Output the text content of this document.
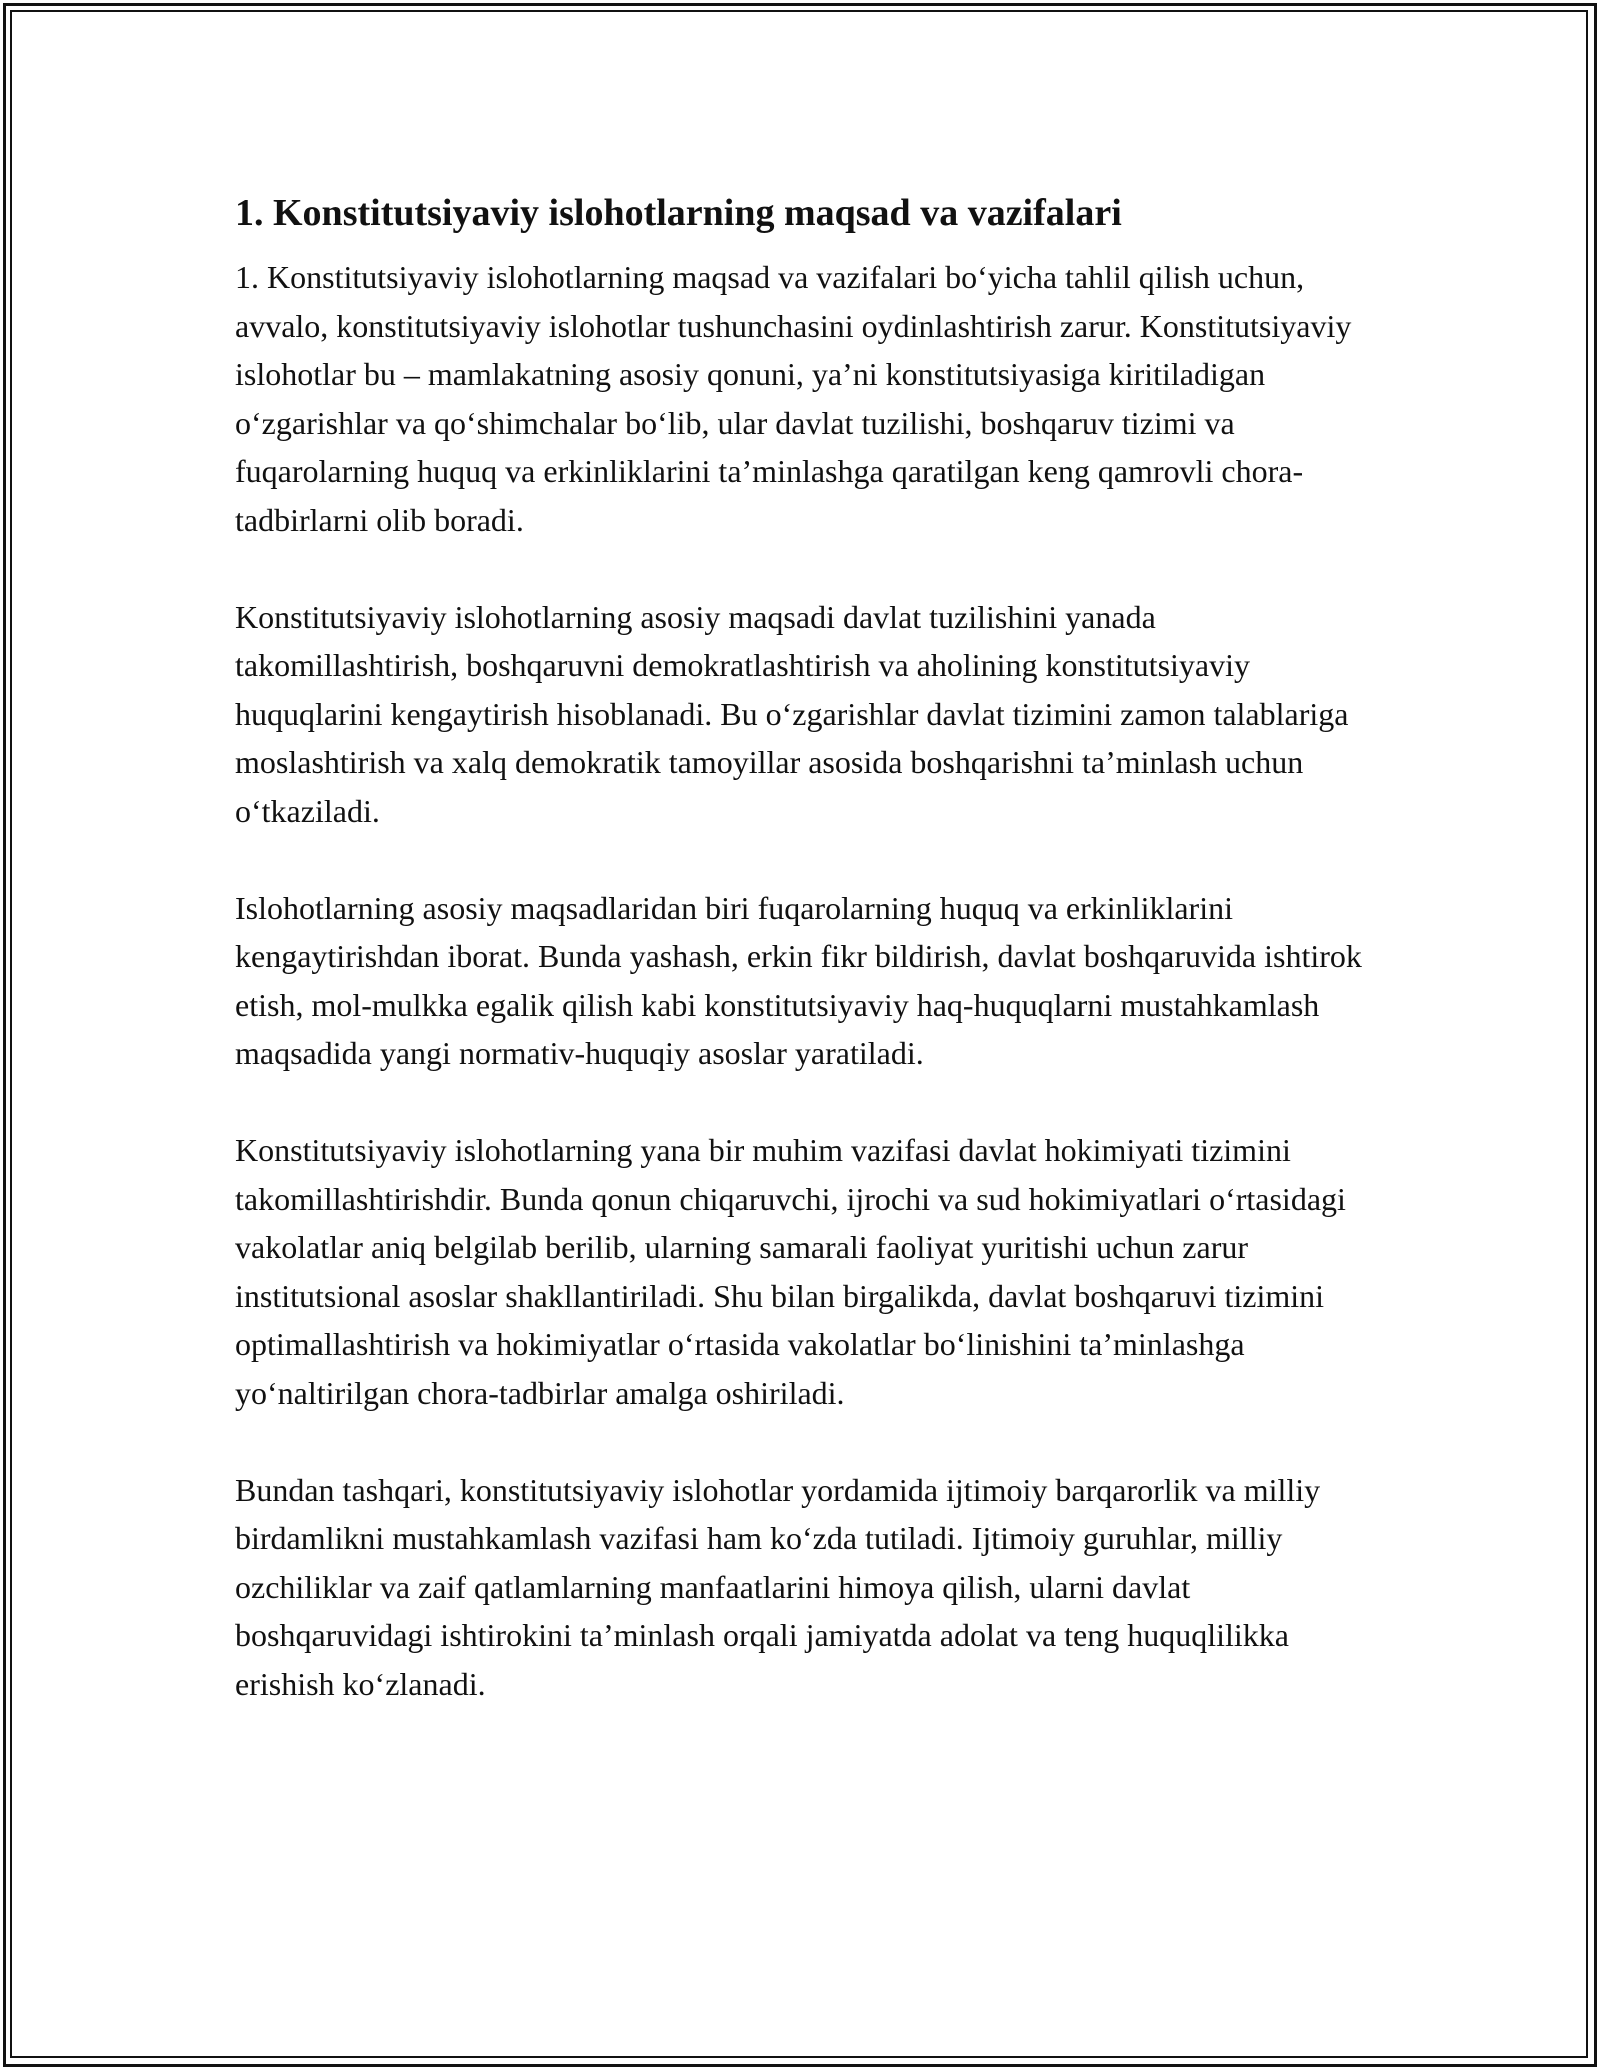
1. Konstitutsiyaviy islohotlarning maqsad va vazifalari

1. Konstitutsiyaviy islohotlarning maqsad va vazifalari bo‘yicha tahlil qilish uchun, avvalo, konstitutsiyaviy islohotlar tushunchasini oydinlashtirish zarur. Konstitutsiyaviy islohotlar bu – mamlakatning asosiy qonuni, ya’ni konstitutsiyasiga kiritiladigan o‘zgarishlar va qo‘shimchalar bo‘lib, ular davlat tuzilishi, boshqaruv tizimi va fuqarolarning huquq va erkinliklarini ta’minlashga qaratilgan keng qamrovli chora-tadbirlarni olib boradi.

Konstitutsiyaviy islohotlarning asosiy maqsadi davlat tuzilishini yanada takomillashtirish, boshqaruvni demokratlashtirish va aholining konstitutsiyaviy huquqlarini kengaytirish hisoblanadi. Bu o‘zgarishlar davlat tizimini zamon talablariga moslashtirish va xalq demokratik tamoyillar asosida boshqarishni ta’minlash uchun o‘tkaziladi.

Islohotlarning asosiy maqsadlaridan biri fuqarolarning huquq va erkinliklarini kengaytirishdan iborat. Bunda yashash, erkin fikr bildirish, davlat boshqaruvida ishtirok etish, mol-mulkka egalik qilish kabi konstitutsiyaviy haq-huquqlarni mustahkamlash maqsadida yangi normativ-huquqiy asoslar yaratiladi.

Konstitutsiyaviy islohotlarning yana bir muhim vazifasi davlat hokimiyati tizimini takomillashtirishdir. Bunda qonun chiqaruvchi, ijrochi va sud hokimiyatlari o‘rtasidagi vakolatlar aniq belgilab berilib, ularning samarali faoliyat yuritishi uchun zarur institutsional asoslar shakllantiriladi. Shu bilan birgalikda, davlat boshqaruvi tizimini optimallashtirish va hokimiyatlar o‘rtasida vakolatlar bo‘linishini ta’minlashga yo‘naltirilgan chora-tadbirlar amalga oshiriladi.

Bundan tashqari, konstitutsiyaviy islohotlar yordamida ijtimoiy barqarorlik va milliy birdamlikni mustahkamlash vazifasi ham ko‘zda tutiladi. Ijtimoiy guruhlar, milliy ozchiliklar va zaif qatlamlarning manfaatlarini himoya qilish, ularni davlat boshqaruvidagi ishtirokini ta’minlash orqali jamiyatda adolat va teng huquqlilikka erishish ko‘zlanadi.
